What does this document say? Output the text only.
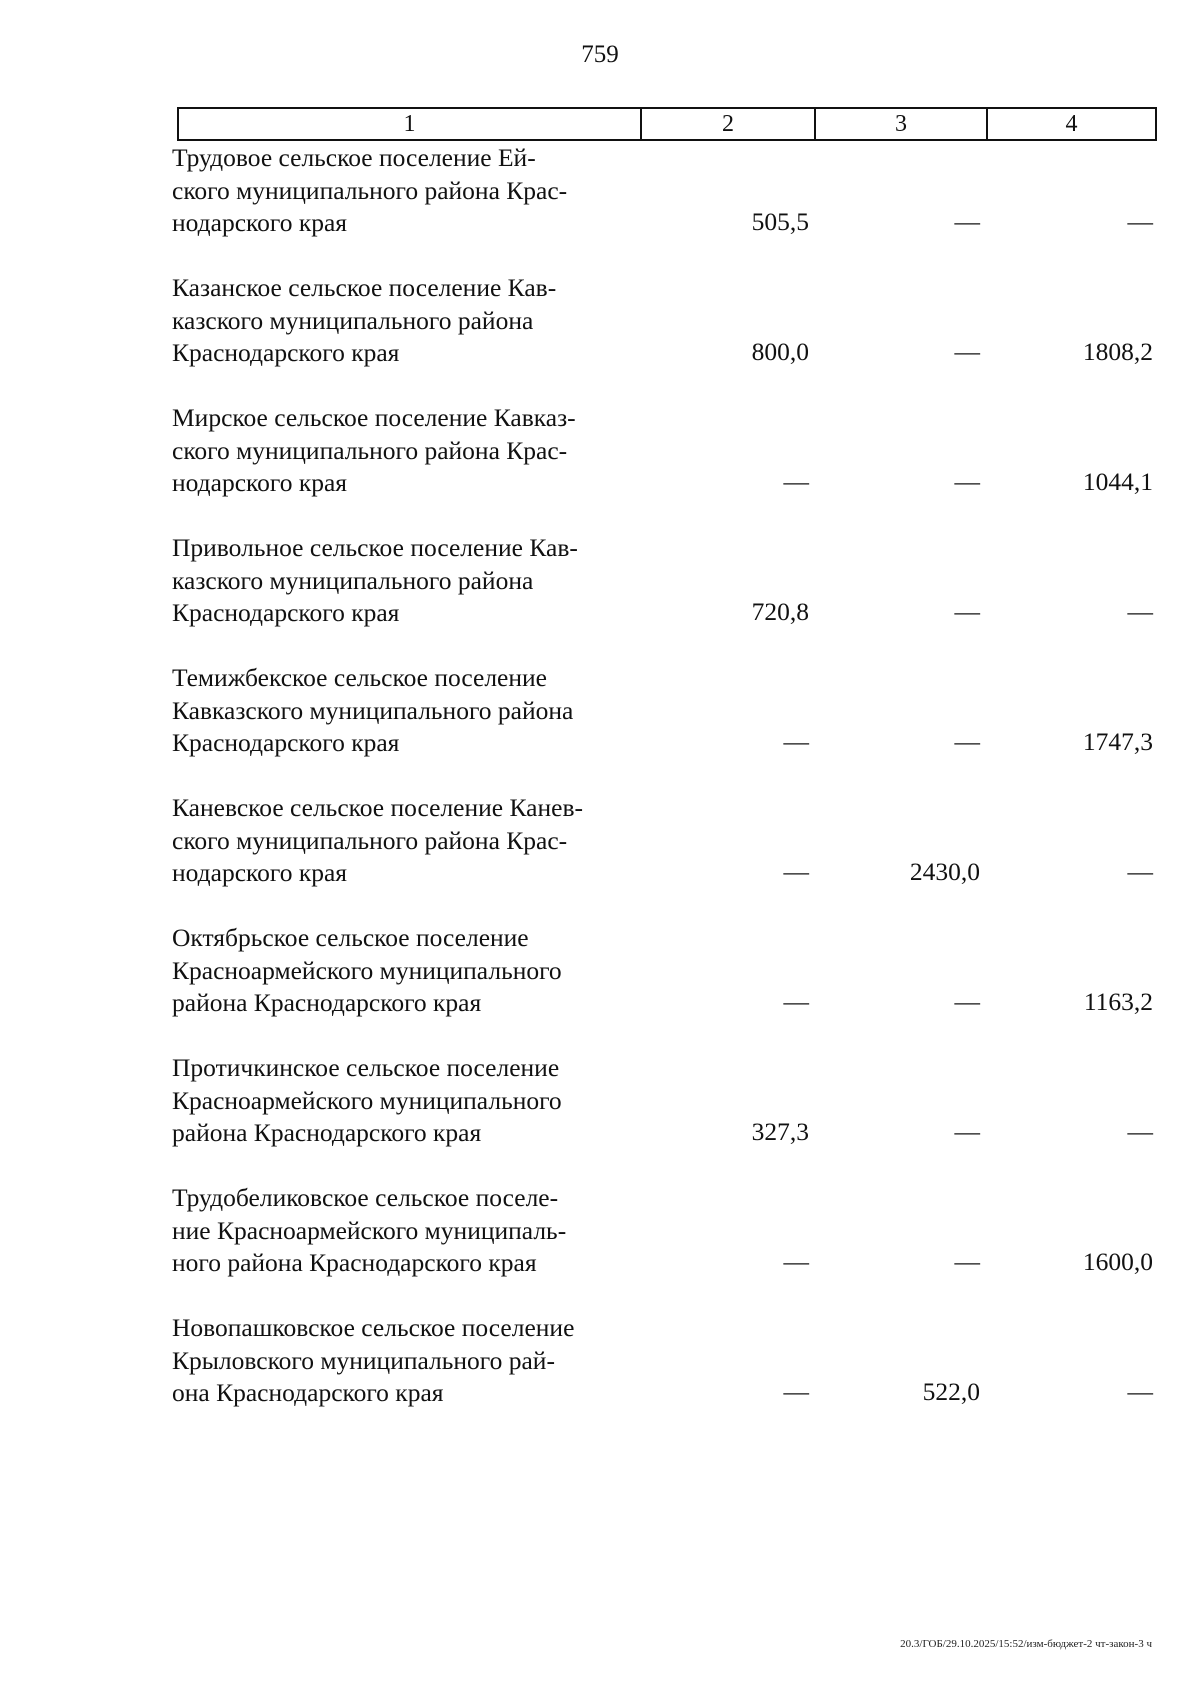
759
1	2	3	4
Трудовое сельское поселение Ей-
ского муниципального района Крас-
нодарского края	505,5	—	—
Казанское сельское поселение Кав-
казского муниципального района
Краснодарского края	800,0	—	1808,2
Мирское сельское поселение Кавказ-
ского муниципального района Крас-
нодарского края	—	—	1044,1
Привольное сельское поселение Кав-
казского муниципального района
Краснодарского края	720,8	—	—
Темижбекское сельское поселение
Кавказского муниципального района
Краснодарского края	—	—	1747,3
Каневское сельское поселение Канев-
ского муниципального района Крас-
нодарского края	—	2430,0	—
Октябрьское сельское поселение
Красноармейского муниципального
района Краснодарского края	—	—	1163,2
Протичкинское сельское поселение
Красноармейского муниципального
района Краснодарского края	327,3	—	—
Трудобеликовское сельское поселе-
ние Красноармейского муниципаль-
ного района Краснодарского края	—	—	1600,0
Новопашковское сельское поселение
Крыловского муниципального рай-
она Краснодарского края	—	522,0	—
20.3/ГОБ/29.10.2025/15:52/изм-бюджет-2 чт-закон-3 ч
